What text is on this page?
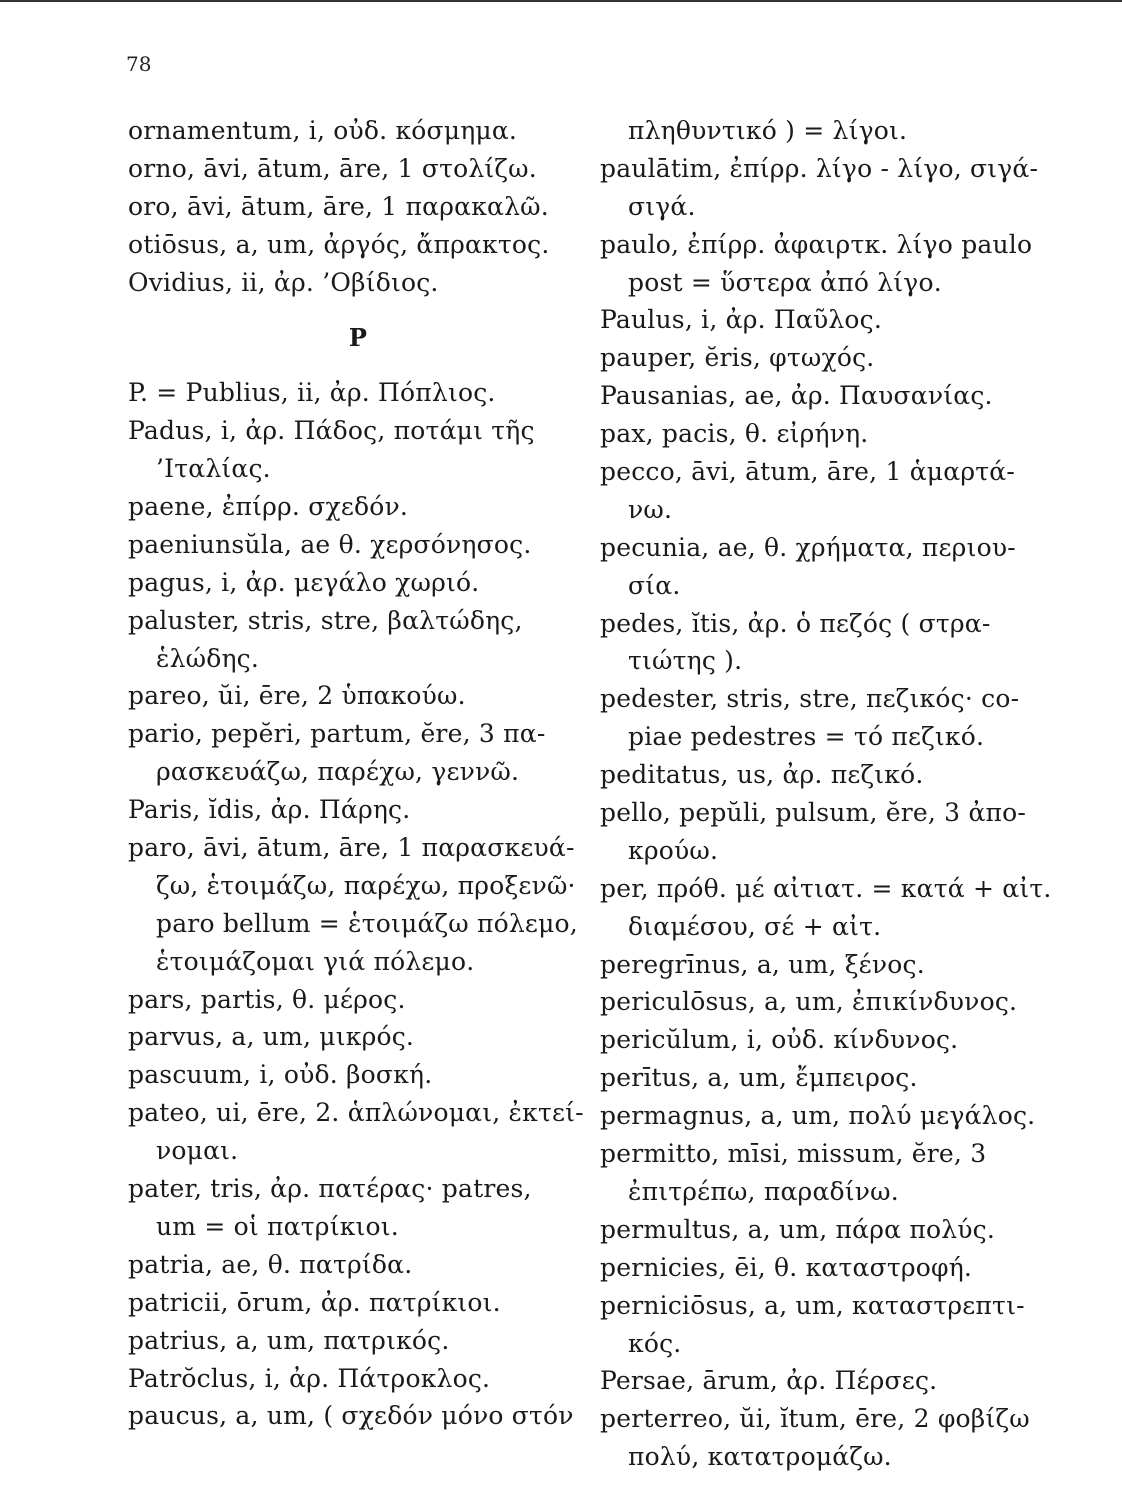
78
ornamentum, i, οὐδ. κόσμημα.
orno, āvi, ātum, āre, 1 στολίζω.
oro, āvi, ātum, āre, 1 παρακαλῶ.
otiōsus, a, um, ἀργός, ἄπρακτος.
Ovidius, ii, ἀρ. ’Οβίδιος.
P
P. = Publius, ii, ἀρ. Πόπλιος.
Padus, i, ἀρ. Πάδος, ποτάμι τῆς
’Ιταλίας.
paene, ἐπίρρ. σχεδόν.
paeniunsŭla, ae θ. χερσόνησος.
pagus, i, ἀρ. μεγάλο χωριό.
paluster, stris, stre, βαλτώδης,
ἑλώδης.
pareo, ŭi, ēre, 2 ὑπακούω.
pario, pepĕri, partum, ĕre, 3 πα-
ρασκευάζω, παρέχω, γεννῶ.
Paris, ĭdis, ἀρ. Πάρης.
paro, āvi, ātum, āre, 1 παρασκευά-
ζω, ἑτοιμάζω, παρέχω, προξενῶ·
paro bellum = ἑτοιμάζω πόλεμο,
ἑτοιμάζομαι γιά πόλεμο.
pars, partis, θ. μέρος.
parvus, a, um, μικρός.
pascuum, i, οὐδ. βοσκή.
pateo, ui, ēre, 2. ἁπλώνομαι, ἐκτεί-
νομαι.
pater, tris, ἀρ. πατέρας· patres,
um = οἱ πατρίκιοι.
patria, ae, θ. πατρίδα.
patricii, ōrum, ἀρ. πατρίκιοι.
patrius, a, um, πατρικός.
Patrŏclus, i, ἀρ. Πάτροκλος.
paucus, a, um, ( σχεδόν μόνο στόν
πληθυντικό ) = λίγοι.
paulātim, ἐπίρρ. λίγο - λίγο, σιγά-
σιγά.
paulo, ἐπίρρ. ἀφαιρτκ. λίγο paulo
post = ὕστερα ἀπό λίγο.
Paulus, i, ἀρ. Παῦλος.
pauper, ĕris, φτωχός.
Pausanias, ae, ἀρ. Παυσανίας.
pax, pacis, θ. εἰρήνη.
pecco, āvi, ātum, āre, 1 ἁμαρτά-
νω.
pecunia, ae, θ. χρήματα, περιου-
σία.
pedes, ĭtis, ἀρ. ὁ πεζός ( στρα-
τιώτης ).
pedester, stris, stre, πεζικός· co-
piae pedestres = τό πεζικό.
peditatus, us, ἀρ. πεζικό.
pello, pepŭli, pulsum, ĕre, 3 ἀπο-
κρούω.
per, πρόθ. μέ αἰτιατ. = κατά + αἰτ.
διαμέσου, σέ + αἰτ.
peregrīnus, a, um, ξένος.
periculōsus, a, um, ἐπικίνδυνος.
pericŭlum, i, οὐδ. κίνδυνος.
perītus, a, um, ἔμπειρος.
permagnus, a, um, πολύ μεγάλος.
permitto, mīsi, missum, ĕre, 3
ἐπιτρέπω, παραδίνω.
permultus, a, um, πάρα πολύς.
pernicies, ēi, θ. καταστροφή.
perniciōsus, a, um, καταστρεπτι-
κός.
Persae, ārum, ἀρ. Πέρσες.
perterreo, ŭi, ĭtum, ēre, 2 φοβίζω
πολύ, κατατρομάζω.
